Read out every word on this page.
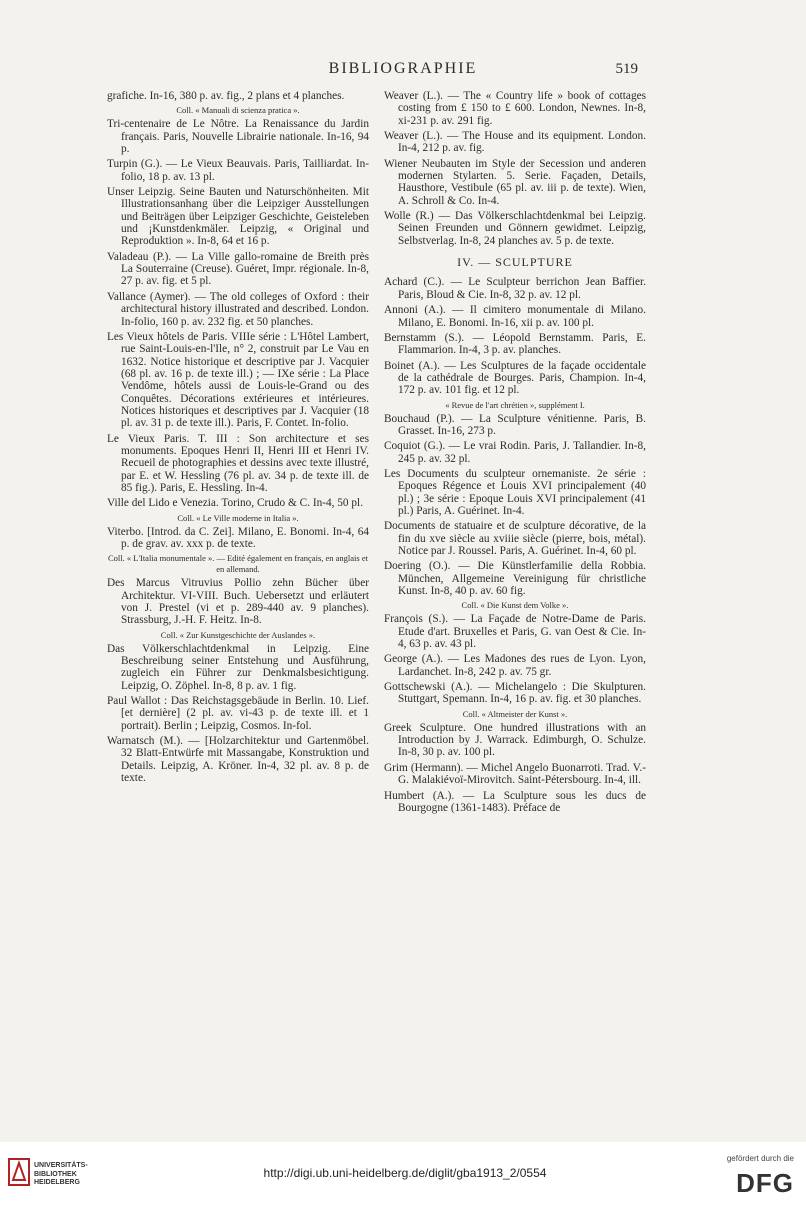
BIBLIOGRAPHIE	519
grafiche. In-16, 380 p. av. fig., 2 plans et 4 planches.
Coll. « Manuali di scienza pratica ».
Tri-centenaire de Le Nôtre. La Renaissance du Jardin français. Paris, Nouvelle Librairie nationale. In-16, 94 p.
Turpin (G.). — Le Vieux Beauvais. Paris, Tailliardat. In-folio, 18 p. av. 13 pl.
Unser Leipzig. Seine Bauten und Naturschönheiten. Mit Illustrationsanhang über die Leipziger Ausstellungen und Beiträgen über Leipziger Geschichte, Geisteleben und ¡Kunstdenkmäler. Leipzig, « Original und Reproduktion ». In-8, 64 et 16 p.
Valadeau (P.). — La Ville gallo-romaine de Breith près La Souterraine (Creuse). Guéret, Impr. régionale. In-8, 27 p. av. fig. et 5 pl.
Vallance (Aymer). — The old colleges of Oxford : their architectural history illustrated and described. London. In-folio, 160 p. av. 232 fig. et 50 planches.
Les Vieux hôtels de Paris. VIIIe série : L'Hôtel Lambert, rue Saint-Louis-en-l'Ile, n° 2, construit par Le Vau en 1632. Notice historique et descriptive par J. Vacquier (68 pl. av. 16 p. de texte ill.) ; — IXe série : La Place Vendôme, hôtels aussi de Louis-le-Grand ou des Conquêtes. Décorations extérieures et intérieures. Notices historiques et descriptives par J. Vacquier (18 pl. av. 31 p. de texte ill.). Paris, F. Contet. In-folio.
Le Vieux Paris. T. III : Son architecture et ses monuments. Epoques Henri II, Henri III et Henri IV. Recueil de photographies et dessins avec texte illustré, par E. et W. Hessling (76 pl. av. 34 p. de texte ill. de 85 fig.). Paris, E. Hessling. In-4.
Ville del Lido e Venezia. Torino, Crudo & C. In-4, 50 pl.
Coll. « Le Ville moderne in Italia ».
Viterbo. [Introd. da C. Zei]. Milano, E. Bonomi. In-4, 64 p. de grav. av. xxx p. de texte.
Coll. « L'Italia monumentale ». — Edité également en français, en anglais et en allemand.
Des Marcus Vitruvius Pollio zehn Bücher über Architektur. VI-VIII. Buch. Uebersetzt und erläutert von J. Prestel (vi et p. 289-440 av. 9 planches). Strassburg, J.-H. F. Heitz. In-8.
Coll. « Zur Kunstgeschichte der Auslandes ».
Das Völkerschlachtdenkmal in Leipzig. Eine Beschreibung seiner Entstehung und Ausführung, zugleich ein Führer zur Denkmalsbesichtigung. Leipzig, O. Zöphel. In-8, 8 p. av. 1 fig.
Paul Wallot : Das Reichstagsgebäude in Berlin. 10. Lief. [et dernière] (2 pl. av. vi-43 p. de texte ill. et 1 portrait). Berlin ; Leipzig, Cosmos. In-fol.
Warnatsch (M.). — [Holzarchitektur und Gartenmöbel. 32 Blatt-Entwürfe mit Massangabe, Konstruktion und Details. Leipzig, A. Kröner. In-4, 32 pl. av. 8 p. de texte.
Weaver (L.). — The « Country life » book of cottages costing from £ 150 to £ 600. London, Newnes. In-8, xi-231 p. av. 291 fig.
Weaver (L.). — The House and its equipment. London. In-4, 212 p. av. fig.
Wiener Neubauten im Style der Secession und anderen modernen Stylarten. 5. Serie. Façaden, Details, Hausthore, Vestibule (65 pl. av. iii p. de texte). Wien, A. Schroll & Co. In-4.
Wolle (R.) — Das Völkerschlachtdenkmal bei Leipzig. Seinen Freunden und Gönnern gewidmet. Leipzig, Selbstverlag. In-8, 24 planches av. 5 p. de texte.
IV. — SCULPTURE
Achard (C.). — Le Sculpteur berrichon Jean Baffier. Paris, Bloud & Cie. In-8, 32 p. av. 12 pl.
Annoni (A.). — Il cimitero monumentale di Milano. Milano, E. Bonomi. In-16, xii p. av. 100 pl.
Bernstamm (S.). — Léopold Bernstamm. Paris, E. Flammarion. In-4, 3 p. av. planches.
Boinet (A.). — Les Sculptures de la façade occidentale de la cathédrale de Bourges. Paris, Champion. In-4, 172 p. av. 101 fig. et 12 pl.
« Revue de l'art chrétien », supplément I.
Bouchaud (P.). — La Sculpture vénitienne. Paris, B. Grasset. In-16, 273 p.
Coquiot (G.). — Le vrai Rodin. Paris, J. Tallandier. In-8, 245 p. av. 32 pl.
Les Documents du sculpteur ornemaniste. 2e série : Epoques Régence et Louis XVI principalement (40 pl.) ; 3e série : Epoque Louis XVI principalement (41 pl.) Paris, A. Guérinet. In-4.
Documents de statuaire et de sculpture décorative, de la fin du xve siècle au xviiie siècle (pierre, bois, métal). Notice par J. Roussel. Paris, A. Guérinet. In-4, 60 pl.
Doering (O.). — Die Künstlerfamilie della Robbia. München, Allgemeine Vereinigung für christliche Kunst. In-8, 40 p. av. 60 fig.
Coll. « Die Kunst dem Volke ».
François (S.). — La Façade de Notre-Dame de Paris. Etude d'art. Bruxelles et Paris, G. van Oest & Cie. In-4, 63 p. av. 43 pl.
George (A.). — Les Madones des rues de Lyon. Lyon, Lardanchet. In-8, 242 p. av. 75 gr.
Gottschewski (A.). — Michelangelo : Die Skulpturen. Stuttgart, Spemann. In-4, 16 p. av. fig. et 30 planches.
Coll. « Altmeister der Kunst ».
Greek Sculpture. One hundred illustrations with an Introduction by J. Warrack. Edimburgh, O. Schulze. In-8, 30 p. av. 100 pl.
Grim (Hermann). — Michel Angelo Buonarroti. Trad. V.-G. Malakiévoï-Mirovitch. Saint-Pétersbourg. In-4, ill.
Humbert (A.). — La Sculpture sous les ducs de Bourgogne (1361-1483). Préface de
UNIVERSITÄTS-
BIBLIOTHEK
HEIDELBERG
http://digi.ub.uni-heidelberg.de/diglit/gba1913_2/0554
gefördert durch die
DFG
